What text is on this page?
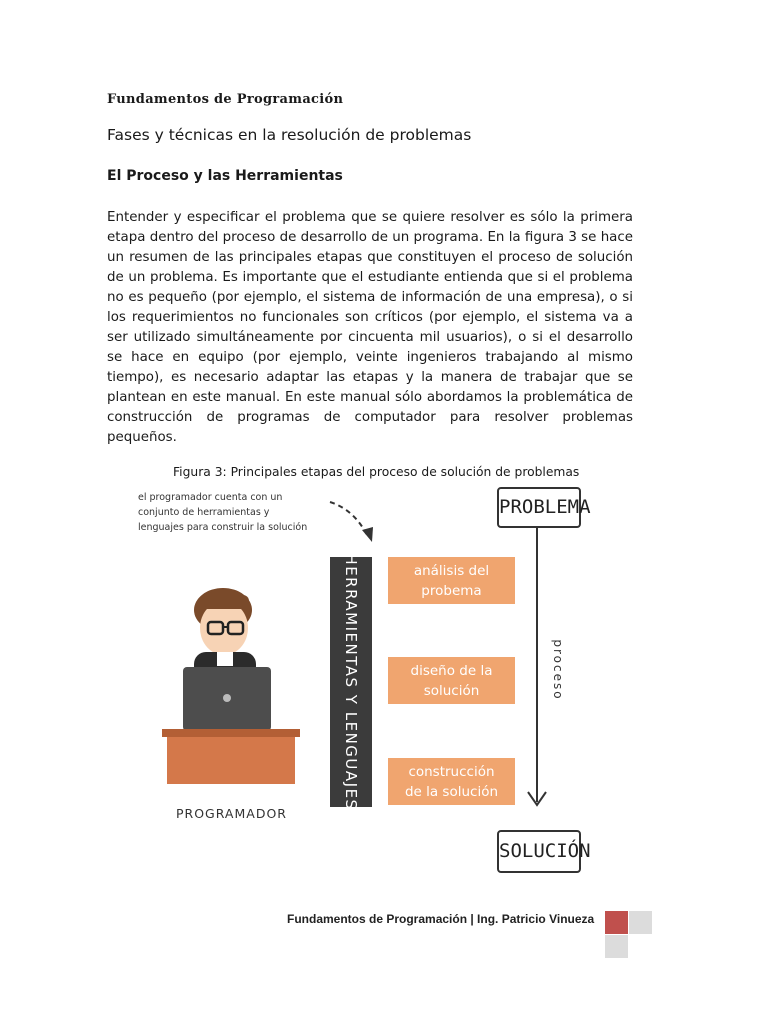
Fundamentos de Programación
Fases y técnicas en la resolución de problemas
El Proceso y las Herramientas

Entender y especificar el problema que se quiere resolver es sólo la primera etapa dentro del proceso de desarrollo de un programa. En la figura 3 se hace un resumen de las principales etapas que constituyen el proceso de solución de un problema. Es importante que el estudiante entienda que si el problema no es pequeño (por ejemplo, el sistema de información de una empresa), o si los requerimientos no funcionales son críticos (por ejemplo, el sistema va a ser utilizado simultáneamente por cincuenta mil usuarios), o si el desarrollo se hace en equipo (por ejemplo, veinte ingenieros trabajando al mismo tiempo), es necesario adaptar las etapas y la manera de trabajar que se plantean en este manual. En este manual sólo abordamos la problemática de construcción de programas de computador para resolver problemas pequeños.

Figura 3: Principales etapas del proceso de solución de problemas
el programador cuenta con un
conjunto de herramientas y
lenguajes para construir la solución
PROBLEMA
SOLUCIÓN
HERRAMIENTAS Y LENGUAJES	análisis del
probema
diseño de la
solución
construcción
de la solución
proceso
PROGRAMADOR
Fundamentos de Programación | Ing. Patricio Vinueza
